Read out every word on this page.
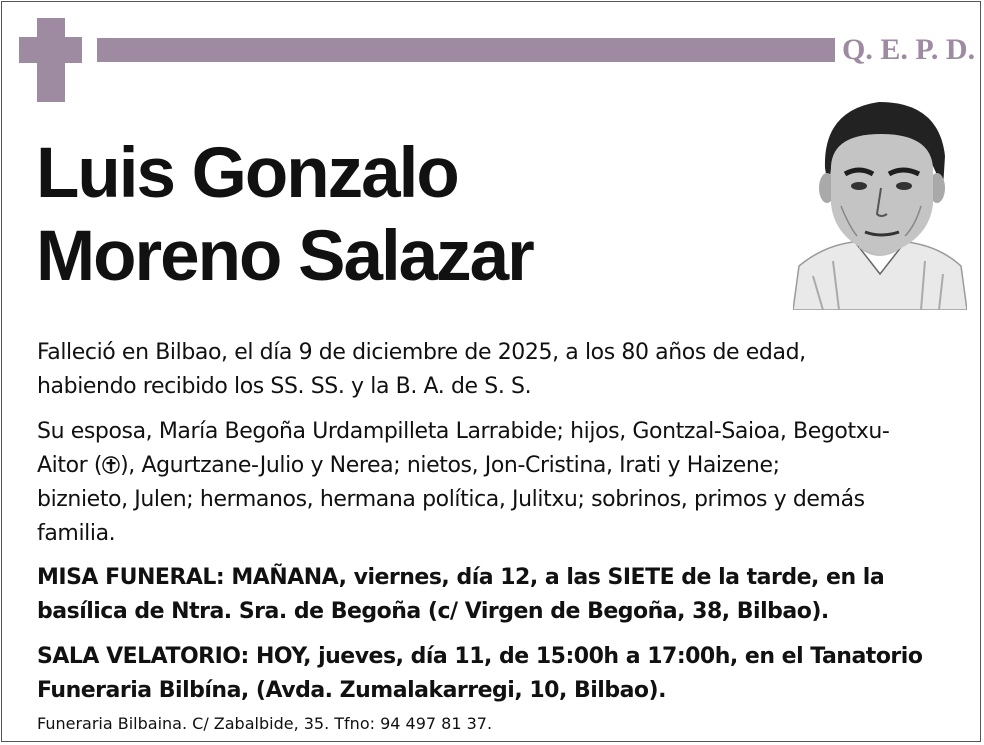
Q. E. P. D.
Luis Gonzalo
Moreno Salazar
Falleció en Bilbao, el día 9 de diciembre de 2025, a los 80 años de edad,
habiendo recibido los SS. SS. y la B. A. de S. S.
Su esposa, María Begoña Urdampilleta Larrabide; hijos, Gontzal-Saioa, Begotxu-
Aitor ( ), Agurtzane-Julio y Nerea; nietos, Jon-Cristina, Irati y Haizene;
biznieto, Julen; hermanos, hermana política, Julitxu; sobrinos, primos y demás
familia.
MISA FUNERAL: MAÑANA, viernes, día 12, a las SIETE de la tarde, en la
basílica de Ntra. Sra. de Begoña (c/ Virgen de Begoña, 38, Bilbao).
SALA VELATORIO: HOY, jueves, día 11, de 15:00h a 17:00h, en el Tanatorio
Funeraria Bilbína, (Avda. Zumalakarregi, 10, Bilbao).
Funeraria Bilbaina. C/ Zabalbide, 35. Tfno: 94 497 81 37.
